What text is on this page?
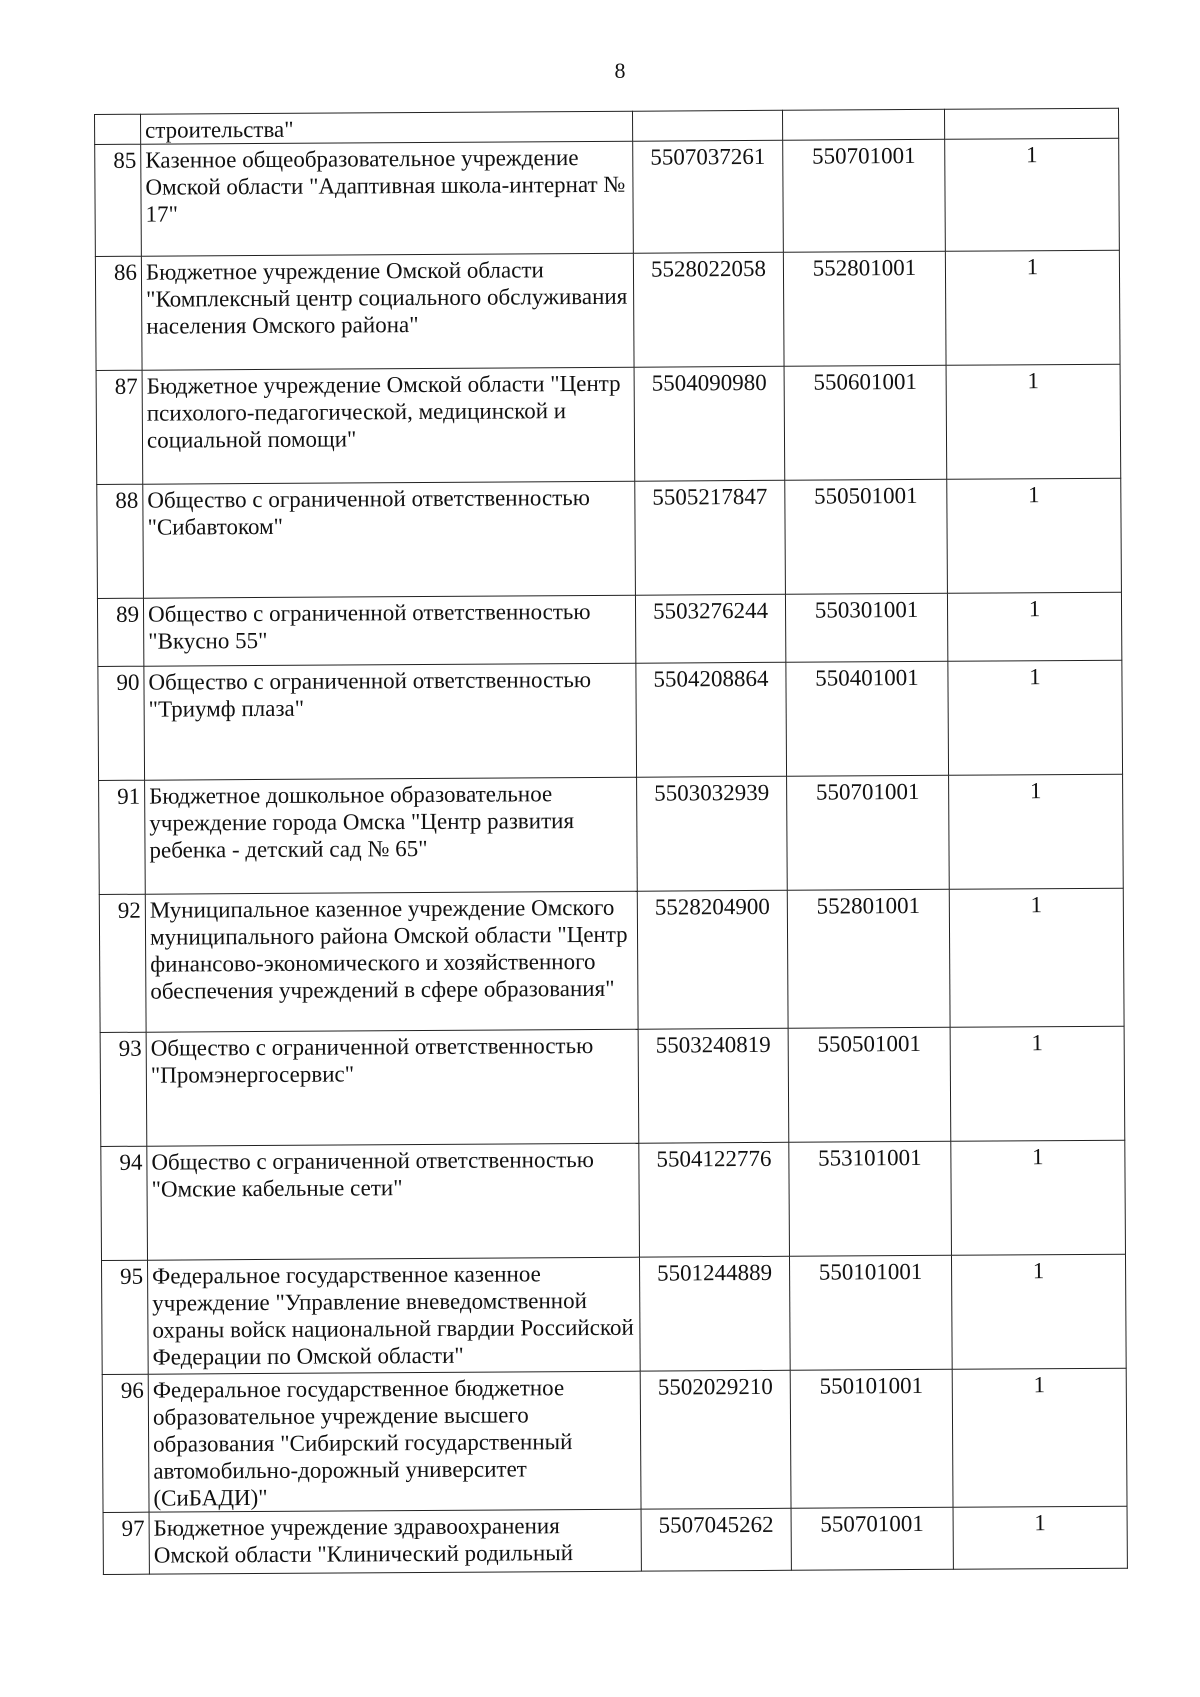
8
	строительства"			
85	Казенное общеобразовательное учреждение Омской области "Адаптивная школа-интернат № 17"	5507037261	550701001	1
86	Бюджетное учреждение Омской области "Комплексный центр социального обслуживания населения Омского района"	5528022058	552801001	1
87	Бюджетное учреждение Омской области "Центр психолого-педагогической, медицинской и социальной помощи"	5504090980	550601001	1
88	Общество с ограниченной ответственностью "Сибавтоком"	5505217847	550501001	1
89	Общество с ограниченной ответственностью "Вкусно 55"	5503276244	550301001	1
90	Общество с ограниченной ответственностью "Триумф плаза"	5504208864	550401001	1
91	Бюджетное дошкольное образовательное учреждение города Омска "Центр развития ребенка - детский сад № 65"	5503032939	550701001	1
92	Муниципальное казенное учреждение Омского муниципального района Омской области "Центр финансово-экономического и хозяйственного обеспечения учреждений в сфере образования"	5528204900	552801001	1
93	Общество с ограниченной ответственностью "Промэнергосервис"	5503240819	550501001	1
94	Общество с ограниченной ответственностью "Омские кабельные сети"	5504122776	553101001	1
95	Федеральное государственное казенное учреждение "Управление вневедомственной охраны войск национальной гвардии Российской Федерации по Омской области"	5501244889	550101001	1
96	Федеральное государственное бюджетное образовательное учреждение высшего образования "Сибирский государственный автомобильно-дорожный университет (СиБАДИ)"	5502029210	550101001	1
97	Бюджетное учреждение здравоохранения Омской области "Клинический родильный	5507045262	550701001	1
